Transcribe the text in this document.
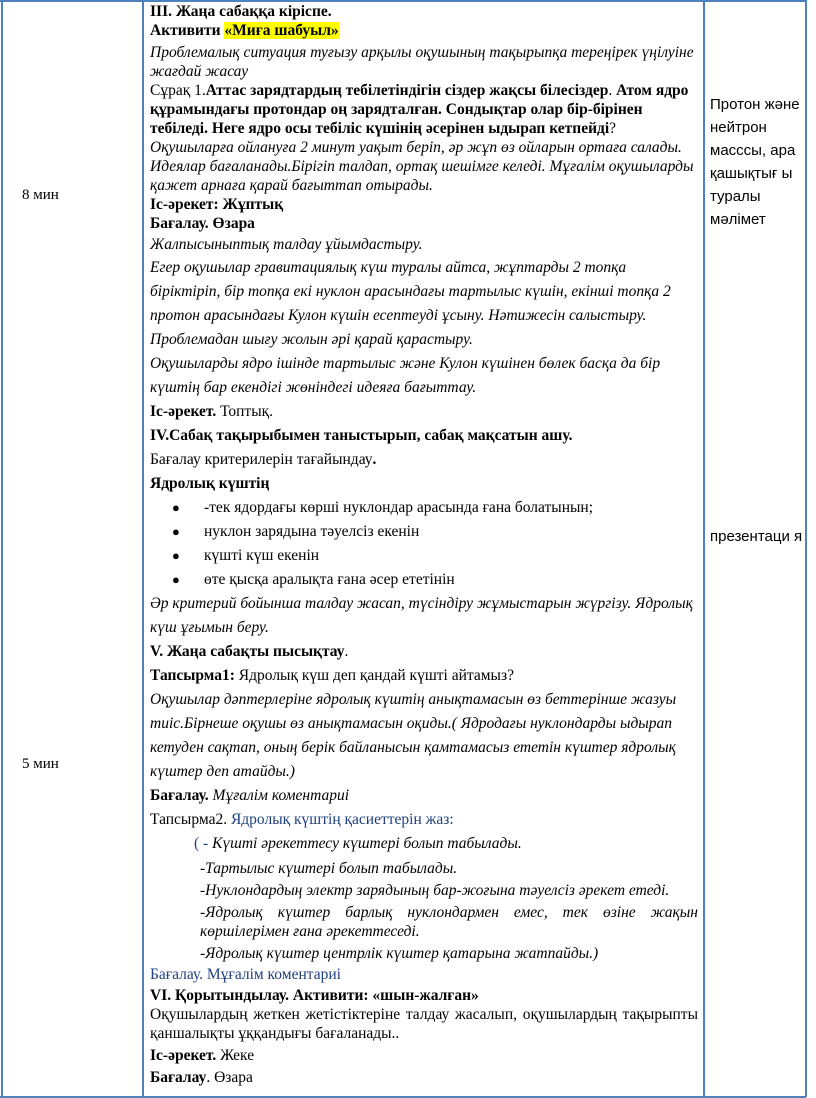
8 мин
5 мин

III. Жаңа сабаққа кіріспе.

Активити «Миға шабуыл»

Проблемалық ситуация туғызу арқылы оқушының тақырыпқа тереңірек үңілуіне жағдай жасау

Сұрақ 1.Аттас зарядтардың тебілетіндігін сіздер жақсы білесіздер. Атом ядро құрамындағы протондар оң зарядталған. Сондықтар олар бір-бірінен тебіледі. Неге ядро осы тебіліс күшінің әсерінен ыдырап кетпейді?

Оқушыларға ойлануға 2 минут уақыт беріп, әр жұп өз ойларын ортаға салады. Идеялар бағаланады.Бірігіп талдап, ортақ шешімге келеді. Мұғалім оқушыларды қажет арнаға қарай бағыттап отырады.

Іс-әрекет: Жұптық

Бағалау. Өзара

Жалпысыныптық талдау ұйымдастыру.

Егер оқушылар гравитациялық күш туралы айтса, жұптарды 2 топқа біріктіріп, бір топқа екі нуклон арасындағы тартылыс күшін, екінші топқа 2 протон арасындағы Кулон күшін есептеуді ұсыну. Нәтижесін салыстыру. Проблемадан шығу жолын әрі қарай қарастыру.

Оқушыларды ядро ішінде тартылыс және Кулон күшінен бөлек басқа да бір күштің бар екендігі жөніндегі идеяға бағыттау.

Іс-әрекет. Топтық.

IV.Сабақ тақырыбымен таныстырып, сабақ мақсатын ашу.

Бағалау критерилерін тағайындау.

Ядролық күштің

● -тек ядордағы көрші нуклондар арасында ғана болатынын;
● нуклон зарядына тәуелсіз екенін
● күшті күш екенін
● өте қысқа аралықта ғана әсер ететінін

Әр критерий бойынша талдау жасап, түсіндіру жұмыстарын жүргізу. Ядролық күш ұғымын беру.

V. Жаңа сабақты пысықтау.

Тапсырма1: Ядролық күш деп қандай күшті айтамыз?

Оқушылар дәптерлеріне ядролық күштің анықтамасын өз беттерінше жазуы тиіс.Бірнеше оқушы өз анықтамасын оқиды.( Ядродағы нуклондарды ыдырап кетуден сақтап, оның берік байланысын қамтамасыз ететін күштер ядролық күштер деп атайды.)

Бағалау. Мұғалім коментариі

Тапсырма2. Ядролық күштің қасиеттерін жаз:

( - Күшті әрекеттесу күштері болып табылады.

-Тартылыс күштері болып табылады.

-Нуклондардың электр зарядының бар-жоғына тәуелсіз әрекет етеді.

-Ядролық күштер барлық нуклондармен емес, тек өзіне жақын көршілерімен ғана әрекеттеседі.

-Ядролық күштер центрлік күштер қатарына жатпайды.)

Бағалау. Мұғалім коментариі

VI. Қорытындылау. Активити: «шын-жалған»

Оқушылардың жеткен жетістіктеріне талдау жасалып, оқушылардың тақырыпты қаншалықты ұққандығы бағаланады..

Іс-әрекет. Жеке

Бағалау. Өзара

Протон және нейтрон масссы, ара қашықтығ ы туралы мәлімет
презентаци я
